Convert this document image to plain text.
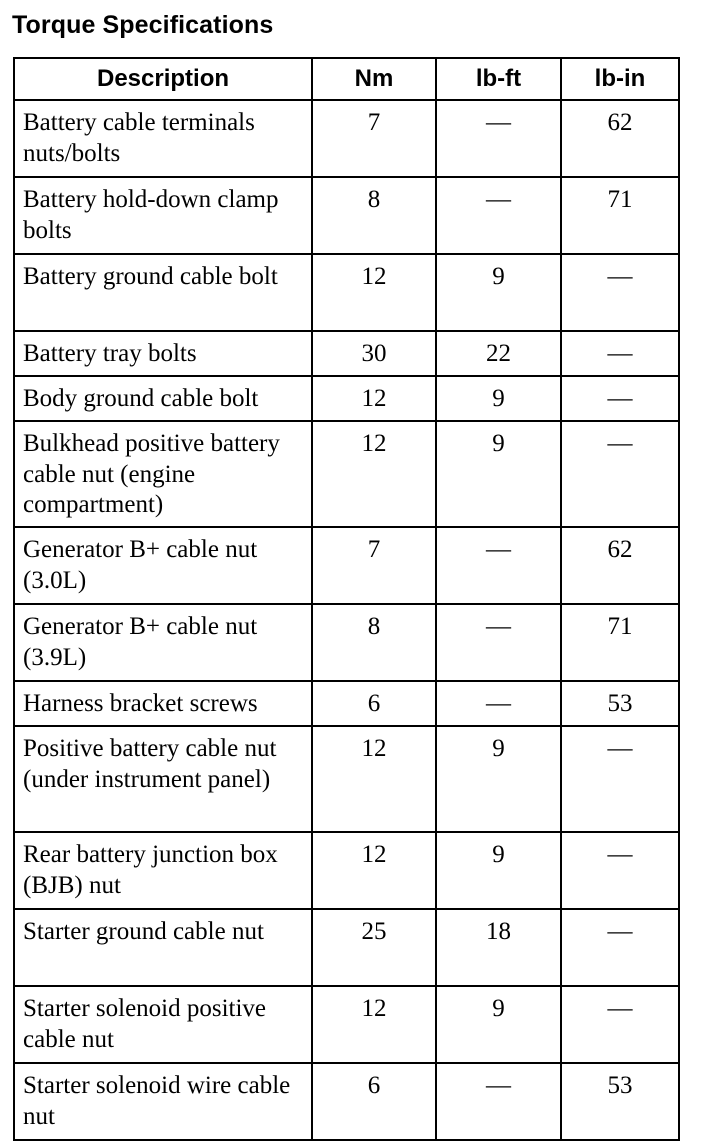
Torque Specifications
Description	Nm	lb-ft	lb-in
Battery cable terminals nuts/bolts	7	—	62
Battery hold-down clamp bolts	8	—	71
Battery ground cable bolt	12	9	—
Battery tray bolts	30	22	—
Body ground cable bolt	12	9	—
Bulkhead positive battery cable nut (engine compartment)	12	9	—
Generator B+ cable nut (3.0L)	7	—	62
Generator B+ cable nut (3.9L)	8	—	71
Harness bracket screws	6	—	53
Positive battery cable nut (under instrument panel)	12	9	—
Rear battery junction box (BJB) nut	12	9	—
Starter ground cable nut	25	18	—
Starter solenoid positive cable nut	12	9	—
Starter solenoid wire cable nut	6	—	53
